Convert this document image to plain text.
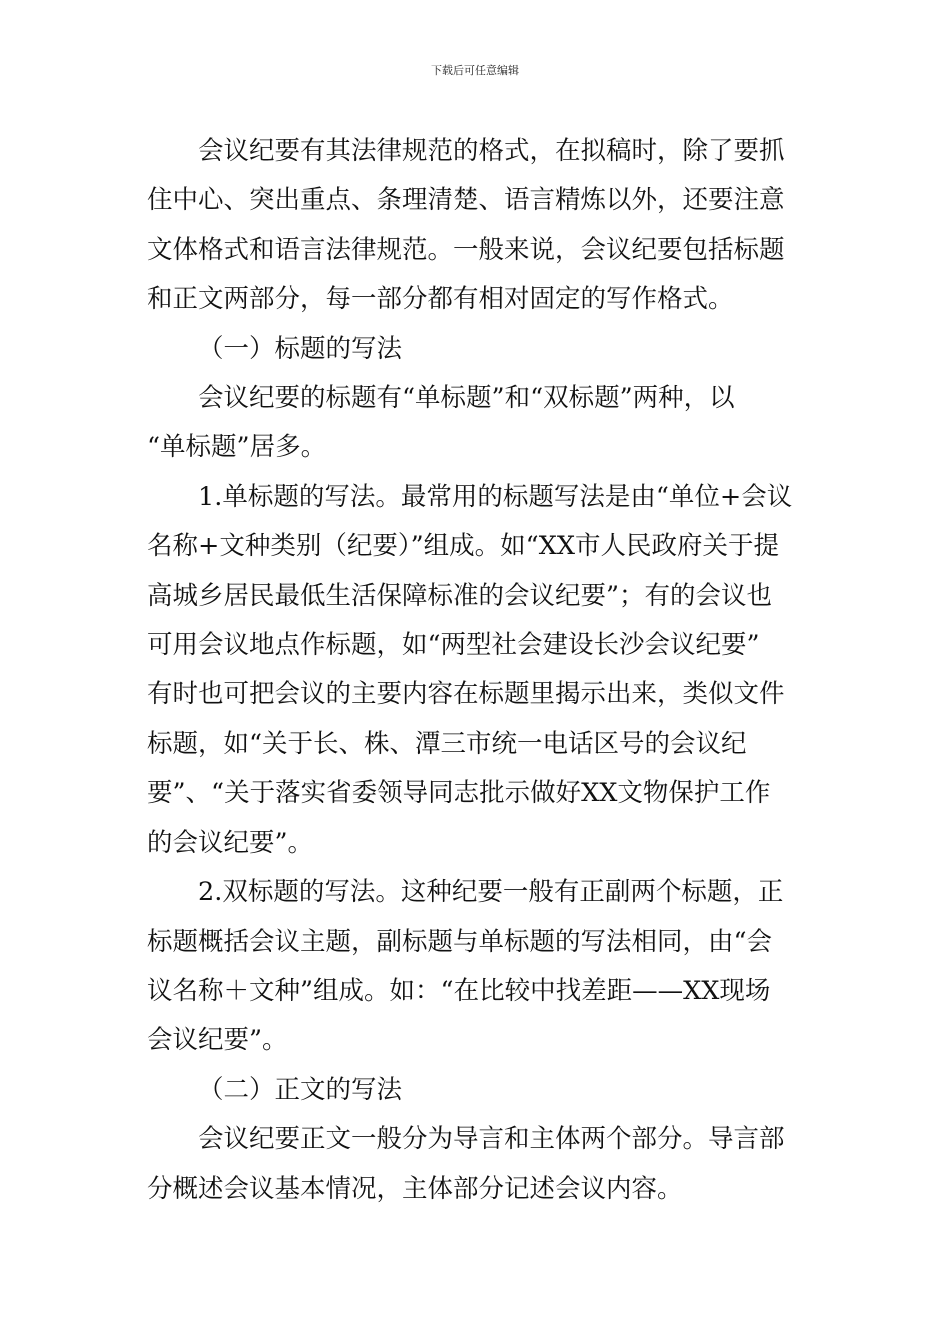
下载后可任意编辑
会议纪要有其法律规范的格式，在拟稿时，除了要抓
住中心、突出重点、条理清楚、语言精炼以外，还要注意
文体格式和语言法律规范。一般来说，会议纪要包括标题
和正文两部分，每一部分都有相对固定的写作格式。
（一）标题的写法
会议纪要的标题有“单标题”和“双标题”两种，以
“单标题”居多。
1.单标题的写法。最常用的标题写法是由“单位+会议
名称+文种类别（纪要）”组成。如“XX市人民政府关于提
高城乡居民最低生活保障标准的会议纪要”；有的会议也
可用会议地点作标题，如“两型社会建设长沙会议纪要”
有时也可把会议的主要内容在标题里揭示出来，类似文件
标题，如“关于长、株、潭三市统一电话区号的会议纪
要”、“关于落实省委领导同志批示做好XX文物保护工作
的会议纪要”。
2.双标题的写法。这种纪要一般有正副两个标题，正
标题概括会议主题，副标题与单标题的写法相同，由“会
议名称＋文种”组成。如：“在比较中找差距——XX现场
会议纪要”。
（二）正文的写法
会议纪要正文一般分为导言和主体两个部分。导言部
分概述会议基本情况，主体部分记述会议内容。
